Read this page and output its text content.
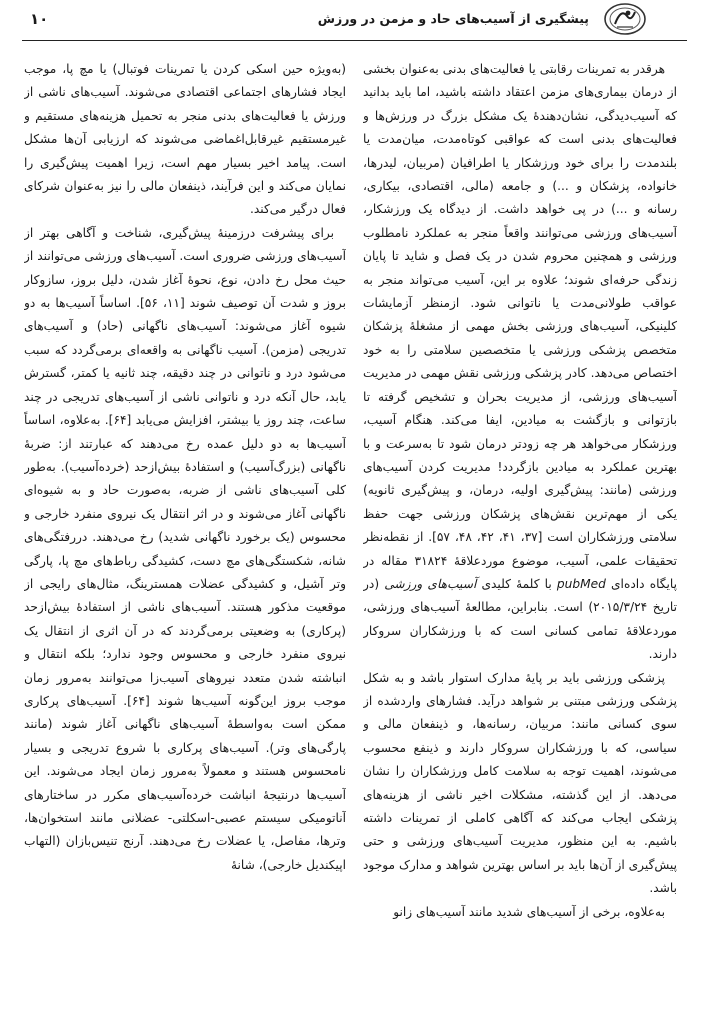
۱۰	پیشگیری از آسیب‌های حاد و مزمن در ورزش

هرقدر به تمرینات رقابتی یا فعالیت‌های بدنی به‌عنوان بخشی از درمان بیماری‌های مزمن اعتقاد داشته باشید، اما باید بدانید که آسیب‌دیدگی، نشان‌دهندهٔ یک مشکل بزرگ در ورزش‌ها و فعالیت‌های بدنی است که عواقبی کوتاه‌مدت، میان‌مدت یا بلندمدت را برای خود ورزشکار یا اطرافیان (مربیان، لیدرها، خانواده، پزشکان و ...) و جامعه (مالی، اقتصادی، بیکاری، رسانه و ...) در پی خواهد داشت. از دیدگاه یک ورزشکار، آسیب‌های ورزشی می‌توانند واقعاً منجر به عملکرد نامطلوب ورزشی و همچنین محروم شدن در یک فصل و شاید تا پایان زندگی حرفه‌ای شوند؛ علاوه بر این، آسیب می‌تواند منجر به عواقب طولانی‌مدت یا ناتوانی شود. ازمنظر آزمایشات کلینیکی، آسیب‌های ورزشی بخش مهمی از مشغلهٔ پزشکان متخصص پزشکی ورزشی یا متخصصین سلامتی را به خود اختصاص می‌دهد. کادر پزشکی ورزشی نقش مهمی در مدیریت آسیب‌های ورزشی، از مدیریت بحران و تشخیص گرفته تا بازتوانی و بازگشت به میادین، ایفا می‌کند. هنگام آسیب، ورزشکار می‌خواهد هر چه زودتر درمان شود تا به‌سرعت و با بهترین عملکرد به میادین بازگردد! مدیریت کردن آسیب‌های ورزشی (مانند: پیش‌گیری اولیه، درمان، و پیش‌گیری ثانویه) یکی از مهم‌ترین نقش‌های پزشکان ورزشی جهت حفظ سلامتی ورزشکاران است [۳۷، ۴۱، ۴۲، ۴۸، ۵۷]. از نقطه‌نظر تحقیقات علمی، آسیب، موضوع موردعلاقهٔ ۳۱۸۲۴ مقاله در پایگاه داده‌ای pubMed با کلمهٔ کلیدی آسیب‌های ورزشی (در تاریخ ۲۰۱۵/۳/۲۴) است. بنابراین، مطالعهٔ آسیب‌های ورزشی، موردعلاقهٔ تمامی کسانی است که با ورزشکاران سروکار دارند.

پزشکی ورزشی باید بر پایهٔ مدارک استوار باشد و به شکل پزشکی ورزشی مبتنی بر شواهد درآید. فشارهای واردشده از سوی کسانی مانند: مربیان، رسانه‌ها، و ذینفعان مالی و سیاسی، که با ورزشکاران سروکار دارند و ذینفع محسوب می‌شوند، اهمیت توجه به سلامت کامل ورزشکاران را نشان می‌دهد. از این گذشته، مشکلات اخیر ناشی از هزینه‌های پزشکی ایجاب می‌کند که آگاهی کاملی از تمرینات داشته باشیم. به این منظور، مدیریت آسیب‌های ورزشی و حتی پیش‌گیری از آن‌ها باید بر اساس بهترین شواهد و مدارک موجود باشد.

به‌علاوه، برخی از آسیب‌های شدید مانند آسیب‌های زانو

(به‌ویژه حین اسکی کردن یا تمرینات فوتبال) یا مچ پا، موجب ایجاد فشارهای اجتماعی اقتصادی می‌شوند. آسیب‌های ناشی از ورزش یا فعالیت‌های بدنی منجر به تحمیل هزینه‌های مستقیم و غیرمستقیم غیرقابل‌اغماضی می‌شوند که ارزیابی آن‌ها مشکل است. پیامد اخیر بسیار مهم است، زیرا اهمیت پیش‌گیری را نمایان می‌کند و این فرآیند، ذینفعان مالی را نیز به‌عنوان شرکای فعال درگیر می‌کند.

برای پیشرفت درزمینهٔ پیش‌گیری، شناخت و آگاهی بهتر از آسیب‌های ورزشی ضروری است. آسیب‌های ورزشی می‌توانند از حیث محل رخ دادن، نوع، نحوهٔ آغاز شدن، دلیل بروز، سازوکار بروز و شدت آن توصیف شوند [۱۱، ۵۶]. اساساً آسیب‌ها به دو شیوه آغاز می‌شوند: آسیب‌های ناگهانی (حاد) و آسیب‌های تدریجی (مزمن). آسیب ناگهانی به واقعه‌ای برمی‌گردد که سبب می‌شود درد و ناتوانی در چند دقیقه، چند ثانیه یا کمتر، گسترش یابد، حال آنکه درد و ناتوانی ناشی از آسیب‌های تدریجی در چند ساعت، چند روز یا بیشتر، افزایش می‌یابد [۶۴]. به‌علاوه، اساساً آسیب‌ها به دو دلیل عمده رخ می‌دهند که عبارتند از: ضربهٔ ناگهانی (بزرگ‌آسیب) و استفادهٔ بیش‌ازحد (خرده‌آسیب). به‌طور کلی آسیب‌های ناشی از ضربه، به‌صورت حاد و به شیوه‌ای ناگهانی آغاز می‌شوند و در اثر انتقال یک نیروی منفرد خارجی و محسوس (یک برخورد ناگهانی شدید) رخ می‌دهند. دررفتگی‌های شانه، شکستگی‌های مچ دست، کشیدگی رباط‌های مچ پا، پارگی وتر آشیل، و کشیدگی عضلات همسترینگ، مثال‌های رایجی از موقعیت مذکور هستند. آسیب‌های ناشی از استفادهٔ بیش‌ازحد (پرکاری) به وضعیتی برمی‌گردند که در آن اثری از انتقال یک نیروی منفرد خارجی و محسوس وجود ندارد؛ بلکه انتقال و انباشته شدن متعدد نیروهای آسیب‌زا می‌توانند به‌مرور زمان موجب بروز این‌گونه آسیب‌ها شوند [۶۴]. آسیب‌های پرکاری ممکن است به‌واسطهٔ آسیب‌های ناگهانی آغاز شوند (مانند پارگی‌های وتر). آسیب‌های پرکاری با شروع تدریجی و بسیار نامحسوس هستند و معمولاً به‌مرور زمان ایجاد می‌شوند. این آسیب‌ها درنتیجهٔ انباشت خرده‌آسیب‌های مکرر در ساختارهای آناتومیکی سیستم عصبی-اسکلتی- عضلانی مانند استخوان‌ها، وترها، مفاصل، یا عضلات رخ می‌دهند. آرنج تنیس‌بازان (التهاب اپیکندیل خارجی)، شانهٔ
